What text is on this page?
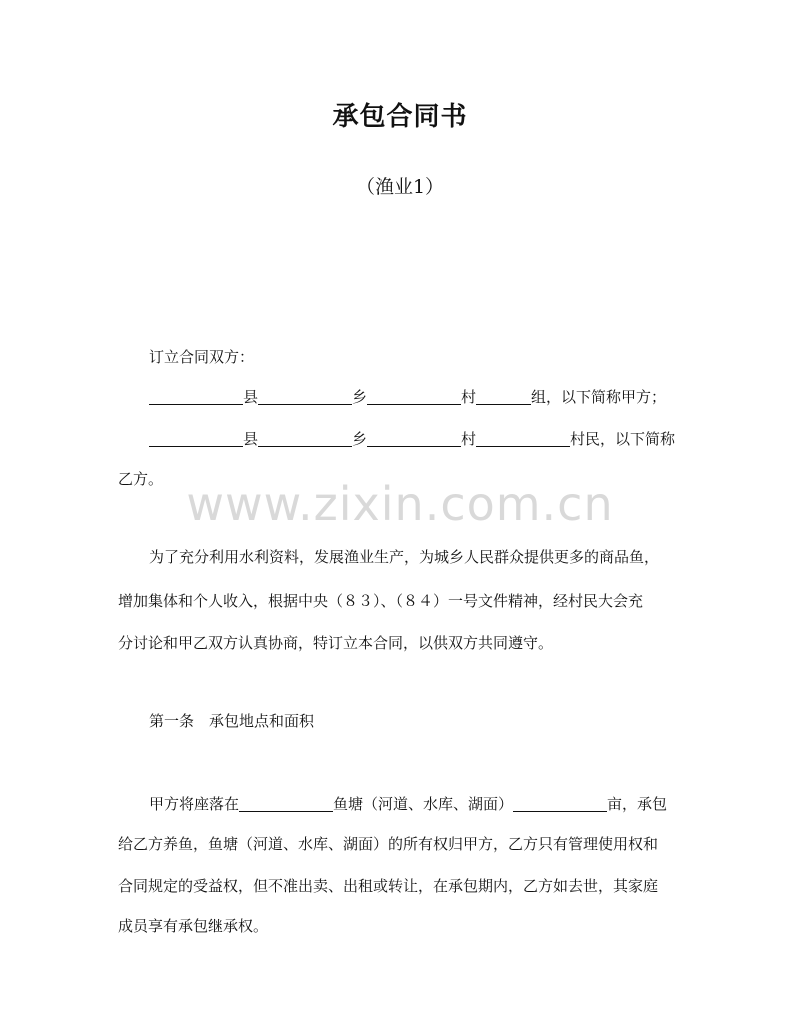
承包合同书
（渔业1）
订立合同双方：
县	乡	村	组，以下简称甲方；
县	乡	村	村民，以下简称
乙方。 www.zixin.com.cn
为了充分利用水利资料，发展渔业生产，为城乡人民群众提供更多的商品鱼，
增加集体和个人收入，根据中央（８３）、（８４）一号文件精神，经村民大会充
分讨论和甲乙双方认真协商，特订立本合同，以供双方共同遵守。
第一条　承包地点和面积
甲方将座落在	鱼塘（河道、水库、湖面）	亩，承包
给乙方养鱼，鱼塘（河道、水库、湖面）的所有权归甲方，乙方只有管理使用权和
合同规定的受益权，但不准出卖、出租或转让，在承包期内，乙方如去世，其家庭
成员享有承包继承权。
